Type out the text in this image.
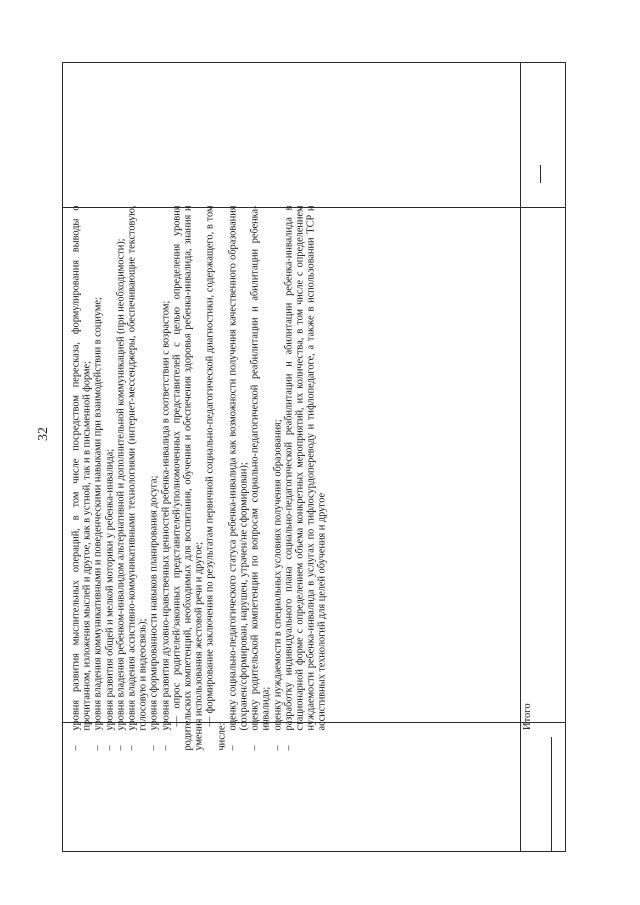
32
–
уровня развития мыслительных операций, в том числе посредством пересказа, формулирования выводы о прочитанном, изложения мыслей и другое, как в устной, так и в письменной форме;
–
уровня владения коммуникативными и поведенческими навыками при взаимодействии в социуме;
–
уровня развития общей и мелкой моторики у ребенка-инвалида;
–
уровня владения ребенком-инвалидом альтернативной и дополнительной коммуникацией (при необходимости);
–
уровня владения ассистивно-коммуникативными технологиями (интернет-мессенджеры, обеспечивающие текстовую, голосовую и видеосвязь);
–
уровня сформированности навыков планирования досуга;
–
уровня развития духовно-нравственных ценностей ребенка-инвалида в соответствии с возрастом; — опрос родителей/законных представителей/уполномоченных представителей с целью определения уровня родительских компетенций, необходимых для воспитания, обучения и обеспечения здоровья ребенка-инвалида, знания и умения использования жестовой речи и другое; — формирование заключения по результатам первичной социально-педагогической диагностики, содержащего, в том числе: –
оценку социально-педагогического статуса ребенка-инвалида как возможности получения качественного образования (сохранен/сформирован, нарушен, утрачен/не сформирован);
–
оценку родительской компетенции по вопросам социально-педагогической реабилитации и абилитации ребенка-инвалида;
–
оценку нуждаемости в специальных условиях получения образования;
–
разработку индивидуального плана социально-педагогической реабилитации и абилитации ребенка-инвалида в стационарной форме с определением объема конкретных мероприятий, их количества, в том числе с определением нуждаемости ребенка-инвалида в услугах по тифлосурдопереводу и тифлопедагоге, а также в использовании ТСР и ассистивных технологий для целей обучения и другое	Итого
